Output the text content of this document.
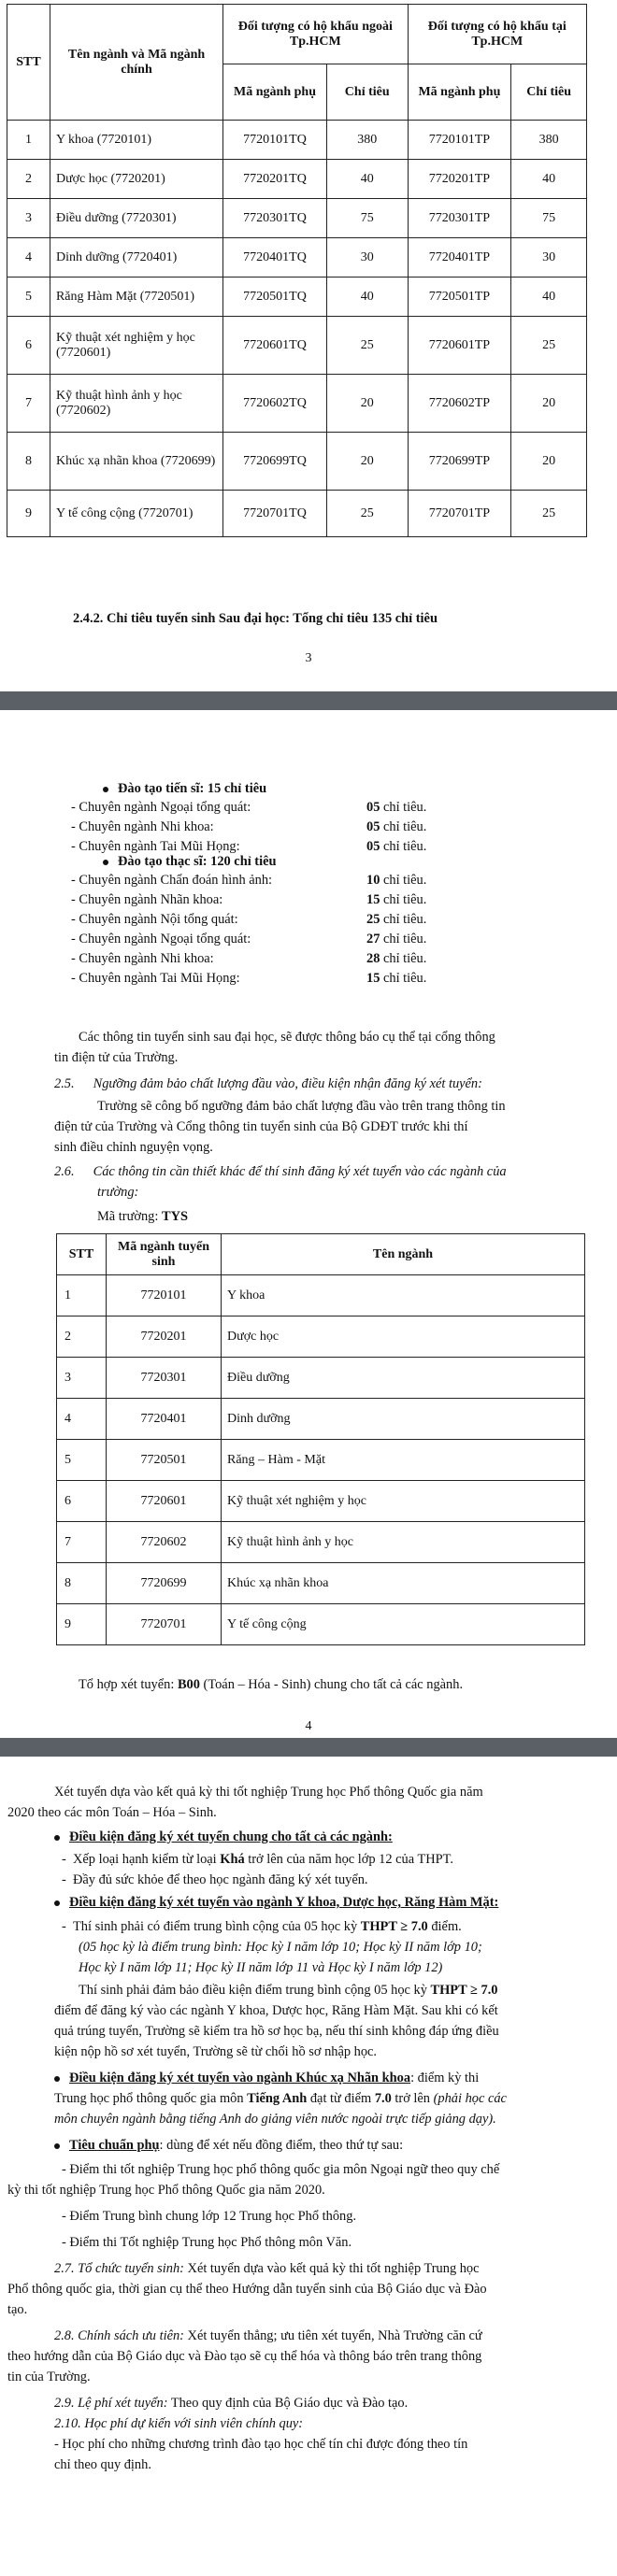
STT	Tên ngành và Mã ngành chính	Đối tượng có hộ khẩu ngoài Tp.HCM		Đối tượng có hộ khẩu tại Tp.HCM	
		Mã ngành phụ	Chỉ tiêu	Mã ngành phụ	Chỉ tiêu
1	Y khoa (7720101)	7720101TQ	380	7720101TP	380
2	Dược học (7720201)	7720201TQ	40	7720201TP	40
3	Điều dưỡng (7720301)	7720301TQ	75	7720301TP	75
4	Dinh dưỡng (7720401)	7720401TQ	30	7720401TP	30
5	Răng Hàm Mặt (7720501)	7720501TQ	40	7720501TP	40
6	Kỹ thuật xét nghiệm y học (7720601)	7720601TQ	25	7720601TP	25
7	Kỹ thuật hình ảnh y học (7720602)	7720602TQ	20	7720602TP	20
8	Khúc xạ nhãn khoa (7720699)	7720699TQ	20	7720699TP	20
9	Y tế công cộng (7720701)	7720701TQ	25	7720701TP	25
2.4.2. Chỉ tiêu tuyển sinh Sau đại học: Tổng chỉ tiêu 135 chỉ tiêu
3
Đào tạo tiến sĩ: 15 chỉ tiêu
- Chuyên ngành Ngoại tổng quát:	05 chỉ tiêu.
- Chuyên ngành Nhi khoa:	05 chỉ tiêu.
- Chuyên ngành Tai Mũi Họng:	05 chỉ tiêu.
Đào tạo thạc sĩ: 120 chỉ tiêu
- Chuyên ngành Chẩn đoán hình ảnh:	10 chỉ tiêu.
- Chuyên ngành Nhãn khoa:	15 chỉ tiêu.
- Chuyên ngành Nội tổng quát:	25 chỉ tiêu.
- Chuyên ngành Ngoại tổng quát:	27 chỉ tiêu.
- Chuyên ngành Nhi khoa:	28 chỉ tiêu.
- Chuyên ngành Tai Mũi Họng:	15 chỉ tiêu.
Các thông tin tuyển sinh sau đại học, sẽ được thông báo cụ thể tại cổng thông
tin điện tử của Trường.
2.5. Ngưỡng đảm bảo chất lượng đầu vào, điều kiện nhận đăng ký xét tuyển:
Trường sẽ công bố ngưỡng đảm bảo chất lượng đầu vào trên trang thông tin
điện tử của Trường và Cổng thông tin tuyển sinh của Bộ GDĐT trước khi thí
sinh điều chỉnh nguyện vọng.
2.6. Các thông tin cần thiết khác để thí sinh đăng ký xét tuyển vào các ngành của
trường:
Mã trường: TYS
STT	Mã ngành tuyển sinh	Tên ngành
1	7720101	Y khoa
2	7720201	Dược học
3	7720301	Điều dưỡng
4	7720401	Dinh dưỡng
5	7720501	Răng – Hàm - Mặt
6	7720601	Kỹ thuật xét nghiệm y học
7	7720602	Kỹ thuật hình ảnh y học
8	7720699	Khúc xạ nhãn khoa
9	7720701	Y tế công cộng
Tổ hợp xét tuyển: B00 (Toán – Hóa - Sinh) chung cho tất cả các ngành.
4
Xét tuyển dựa vào kết quả kỳ thi tốt nghiệp Trung học Phổ thông Quốc gia năm
2020 theo các môn Toán – Hóa – Sinh.
Điều kiện đăng ký xét tuyển chung cho tất cả các ngành:
-  Xếp loại hạnh kiểm từ loại Khá trở lên của năm học lớp 12 của THPT.
-  Đầy đủ sức khỏe để theo học ngành đăng ký xét tuyển.
Điều kiện đăng ký xét tuyển vào ngành Y khoa, Dược học, Răng Hàm Mặt:
-  Thí sinh phải có điểm trung bình cộng của 05 học kỳ THPT ≥ 7.0 điểm.
(05 học kỳ là điểm trung bình: Học kỳ I năm lớp 10; Học kỳ II năm lớp 10;
Học kỳ I năm lớp 11; Học kỳ II năm lớp 11 và Học kỳ I năm lớp 12)
Thí sinh phải đảm bảo điều kiện điểm trung bình cộng 05 học kỳ THPT ≥ 7.0
điểm để đăng ký vào các ngành Y khoa, Dược học, Răng Hàm Mặt. Sau khi có kết
quả trúng tuyển, Trường sẽ kiểm tra hồ sơ học bạ, nếu thí sinh không đáp ứng điều
kiện nộp hồ sơ xét tuyển, Trường sẽ từ chối hồ sơ nhập học.
Điều kiện đăng ký xét tuyển vào ngành Khúc xạ Nhãn khoa: điểm kỳ thi
Trung học phổ thông quốc gia môn Tiếng Anh đạt từ điểm 7.0 trở lên (phải học các
môn chuyên ngành bằng tiếng Anh do giảng viên nước ngoài trực tiếp giảng dạy).
Tiêu chuẩn phụ: dùng để xét nếu đồng điểm, theo thứ tự sau:
- Điểm thi tốt nghiệp Trung học phổ thông quốc gia môn Ngoại ngữ theo quy chế
kỳ thi tốt nghiệp Trung học Phổ thông Quốc gia năm 2020.
- Điểm Trung bình chung lớp 12 Trung học Phổ thông.
- Điểm thi Tốt nghiệp Trung học Phổ thông môn Văn.
2.7. Tổ chức tuyển sinh: Xét tuyển dựa vào kết quả kỳ thi tốt nghiệp Trung học
Phổ thông quốc gia, thời gian cụ thể theo Hướng dẫn tuyển sinh của Bộ Giáo dục và Đào
tạo.
2.8. Chính sách ưu tiên: Xét tuyển thẳng; ưu tiên xét tuyển, Nhà Trường căn cứ
theo hướng dẫn của Bộ Giáo dục và Đào tạo sẽ cụ thể hóa và thông báo trên trang thông
tin của Trường.
2.9. Lệ phí xét tuyển: Theo quy định của Bộ Giáo dục và Đào tạo.
2.10. Học phí dự kiến với sinh viên chính quy:
- Học phí cho những chương trình đào tạo học chế tín chỉ được đóng theo tín
chỉ theo quy định.
